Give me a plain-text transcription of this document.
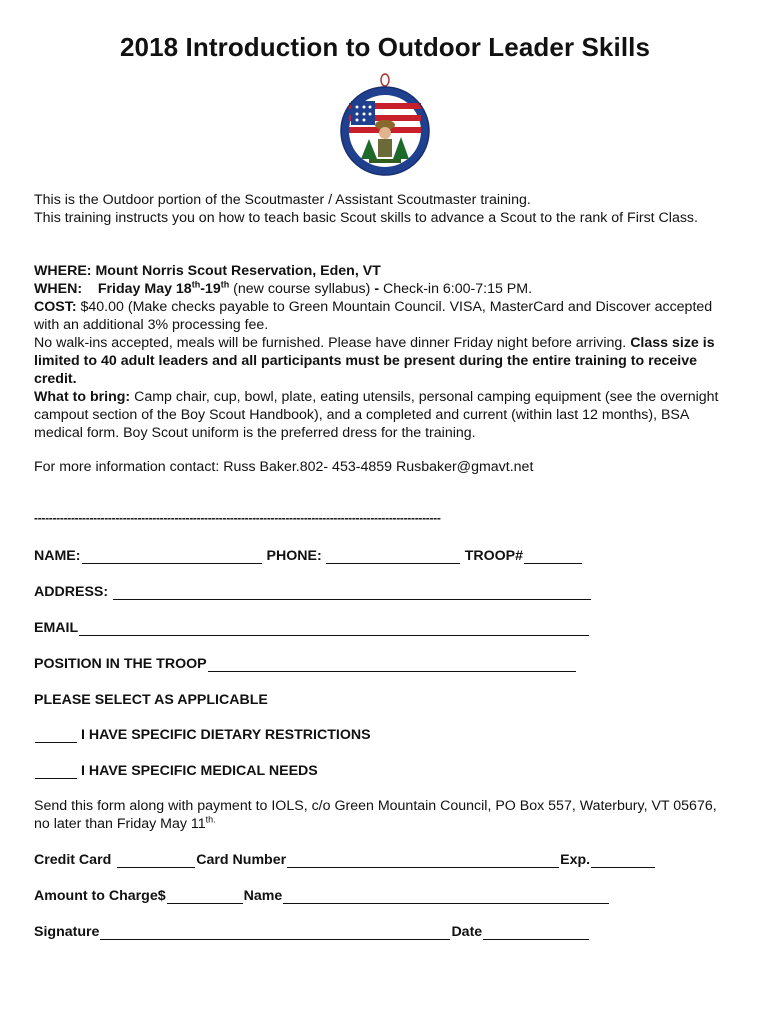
2018 Introduction to Outdoor Leader Skills
This is the Outdoor portion of the Scoutmaster / Assistant Scoutmaster training.
This training instructs you on how to teach basic Scout skills to advance a Scout to the rank of First Class.
WHERE: Mount Norris Scout Reservation, Eden, VT
WHEN: Friday May 18th-19th (new course syllabus) - Check-in 6:00-7:15 PM.
COST: $40.00 (Make checks payable to Green Mountain Council. VISA, MasterCard and Discover accepted with an additional 3% processing fee.
No walk-ins accepted, meals will be furnished. Please have dinner Friday night before arriving. Class size is limited to 40 adult leaders and all participants must be present during the entire training to receive credit.
What to bring: Camp chair, cup, bowl, plate, eating utensils, personal camping equipment (see the overnight campout section of the Boy Scout Handbook), and a completed and current (within last 12 months), BSA medical form. Boy Scout uniform is the preferred dress for the training.
For more information contact: Russ Baker.802- 453-4859 Rusbaker@gmavt.net
--------------------------------------------------------------------------------------------------------------
NAME:	PHONE:	TROOP#
ADDRESS:
EMAIL
POSITION IN THE TROOP
PLEASE SELECT AS APPLICABLE
I HAVE SPECIFIC DIETARY RESTRICTIONS
I HAVE SPECIFIC MEDICAL NEEDS
Send this form along with payment to IOLS, c/o Green Mountain Council, PO Box 557, Waterbury, VT 05676, no later than Friday May $11^{th.}$
Credit Card	Card Number	Exp.
Amount to Charge$	Name
Signature	Date
